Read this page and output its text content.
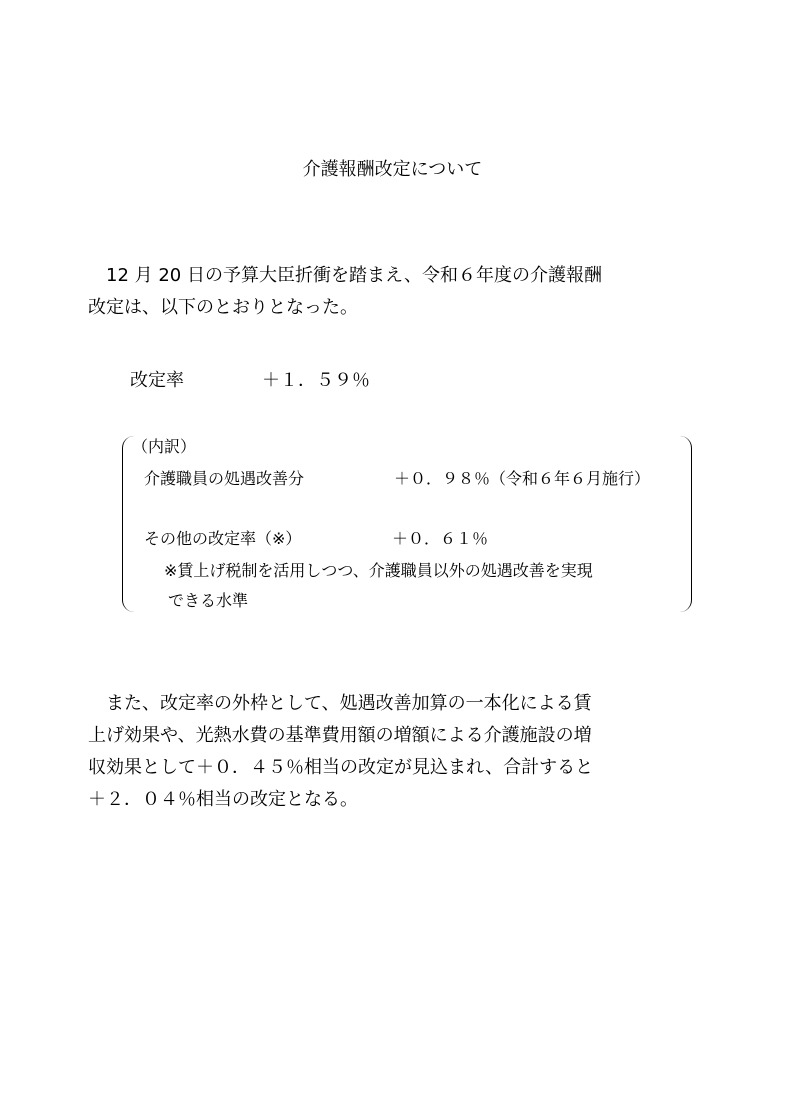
介護報酬改定について
　12 月 20 日の予算大臣折衝を踏まえ、令和６年度の介護報酬
改定は、以下のとおりとなった。
改定率	＋１．５９％
（内訳）
介護職員の処遇改善分	＋０．９８％（令和６年６月施行）
その他の改定率（※）	＋０．６１％
※賃上げ税制を活用しつつ、介護職員以外の処遇改善を実現
できる水準
　また、改定率の外枠として、処遇改善加算の一本化による賃
上げ効果や、光熱水費の基準費用額の増額による介護施設の増
収効果として＋０．４５％相当の改定が見込まれ、合計すると
＋２．０４％相当の改定となる。
